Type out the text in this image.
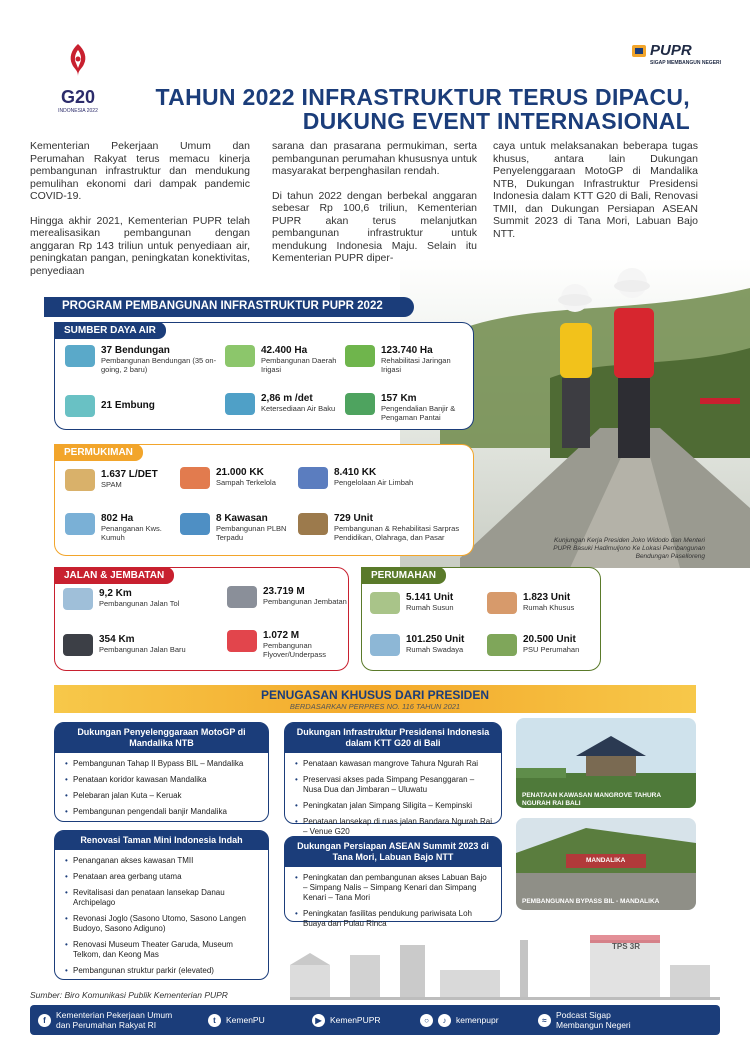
G20
INDONESIA 2022
PUPR
SIGAP MEMBANGUN NEGERI
TAHUN 2022 INFRASTRUKTUR TERUS DIPACU,
DUKUNG EVENT INTERNASIONAL

Kementerian Pekerjaan Umum dan Perumahan Rakyat terus memacu kinerja pembangunan infrastruktur dan mendukung pemulihan ekonomi dari dampak pandemic COVID-19.

Hingga akhir 2021, Kementerian PUPR telah merealisasikan pembangunan dengan anggaran Rp 143 triliun untuk penyediaan air, peningkatan pangan, peningkatan konektivitas, penyediaan

sarana dan prasarana permukiman, serta pembangunan perumahan khususnya untuk masyarakat berpenghasilan rendah.

Di tahun 2022 dengan berbekal anggaran sebesar Rp 100,6 triliun, Kementerian PUPR akan terus melanjutkan pembangunan infrastruktur untuk mendukung Indonesia Maju. Selain itu Kementerian PUPR diper-

caya untuk melaksanakan beberapa tugas khusus, antara lain Dukungan Penyelenggaraan MotoGP di Mandalika NTB, Dukungan Infrastruktur Presidensi Indonesia dalam KTT G20 di Bali, Renovasi TMII, dan Dukungan Persiapan ASEAN Summit 2023 di Tana Mori, Labuan Bajo NTT.

Kunjungan Kerja Presiden Joko Widodo dan Menteri PUPR Basuki Hadimuljono Ke Lokasi Pembangunan Bendungan Paselloreng
PROGRAM PEMBANGUNAN INFRASTRUKTUR PUPR 2022
SUMBER DAYA AIR
37 Bendungan
Pembangunan Bendungan (35 on-going, 2 baru)
42.400 Ha
Pembangunan Daerah Irigasi
123.740 Ha
Rehabilitasi Jaringan Irigasi
21 Embung
2,86 m /det
Ketersediaan Air Baku
157 Km
Pengendalian Banjir & Pengaman Pantai
PERMUKIMAN
1.637 L/DET
SPAM
21.000 KK
Sampah Terkelola
8.410 KK
Pengelolaan Air Limbah
802 Ha
Penanganan Kws. Kumuh
8 Kawasan
Pembangunan PLBN Terpadu
729 Unit
Pembangunan & Rehabilitasi Sarpras Pendidikan, Olahraga, dan Pasar
JALAN & JEMBATAN
9,2 Km
Pembangunan Jalan Tol
23.719 M
Pembangunan Jembatan
354 Km
Pembangunan Jalan Baru
1.072 M
Pembangunan Flyover/Underpass
PERUMAHAN
5.141 Unit
Rumah Susun
1.823 Unit
Rumah Khusus
101.250 Unit
Rumah Swadaya
20.500 Unit
PSU Perumahan
PENUGASAN KHUSUS DARI PRESIDEN
BERDASARKAN PERPRES NO. 116 TAHUN 2021
Dukungan Penyelenggaraan MotoGP di Mandalika NTB
• Pembangunan Tahap II Bypass BIL – Mandalika
• Penataan koridor kawasan Mandalika
• Pelebaran jalan Kuta – Keruak
• Pembangunan pengendali banjir Mandalika
Dukungan Infrastruktur Presidensi Indonesia dalam KTT G20 di Bali
• Penataan kawasan mangrove Tahura Ngurah Rai
• Preservasi akses pada Simpang Pesanggaran – Nusa Dua dan Jimbaran – Uluwatu
• Peningkatan jalan Simpang Siligita – Kempinski
• Penataan lansekap di ruas jalan Bandara Ngurah Rai – Venue G20
Renovasi Taman Mini Indonesia Indah
• Penanganan akses kawasan TMII
• Penataan area gerbang utama
• Revitalisasi dan penataan lansekap Danau Archipelago
• Revonasi Joglo (Sasono Utomo, Sasono Langen Budoyo, Sasono Adiguno)
• Renovasi Museum Theater Garuda, Museum Telkom, dan Keong Mas
• Pembangunan struktur parkir (elevated)
Dukungan Persiapan ASEAN Summit 2023 di Tana Mori, Labuan Bajo NTT
• Peningkatan dan pembangunan akses Labuan Bajo – Simpang Nalis – Simpang Kenari dan Simpang Kenari – Tana Mori
• Peningkatan fasilitas pendukung pariwisata Loh Buaya dan Pulau Rinca
PENATAAN KAWASAN MANGROVE TAHURA NGURAH RAI BALI
MANDALIKA
PEMBANGUNAN BYPASS BIL - MANDALIKA
TPS 3R
Sumber: Biro Komunikasi Publik Kementerian PUPR
f	Kementerian Pekerjaan Umum dan Perumahan Rakyat RI	t	KemenPU	▶ KemenPUPR	○	♪	kemenpupr	≈	Podcast Sigap Membangun Negeri
